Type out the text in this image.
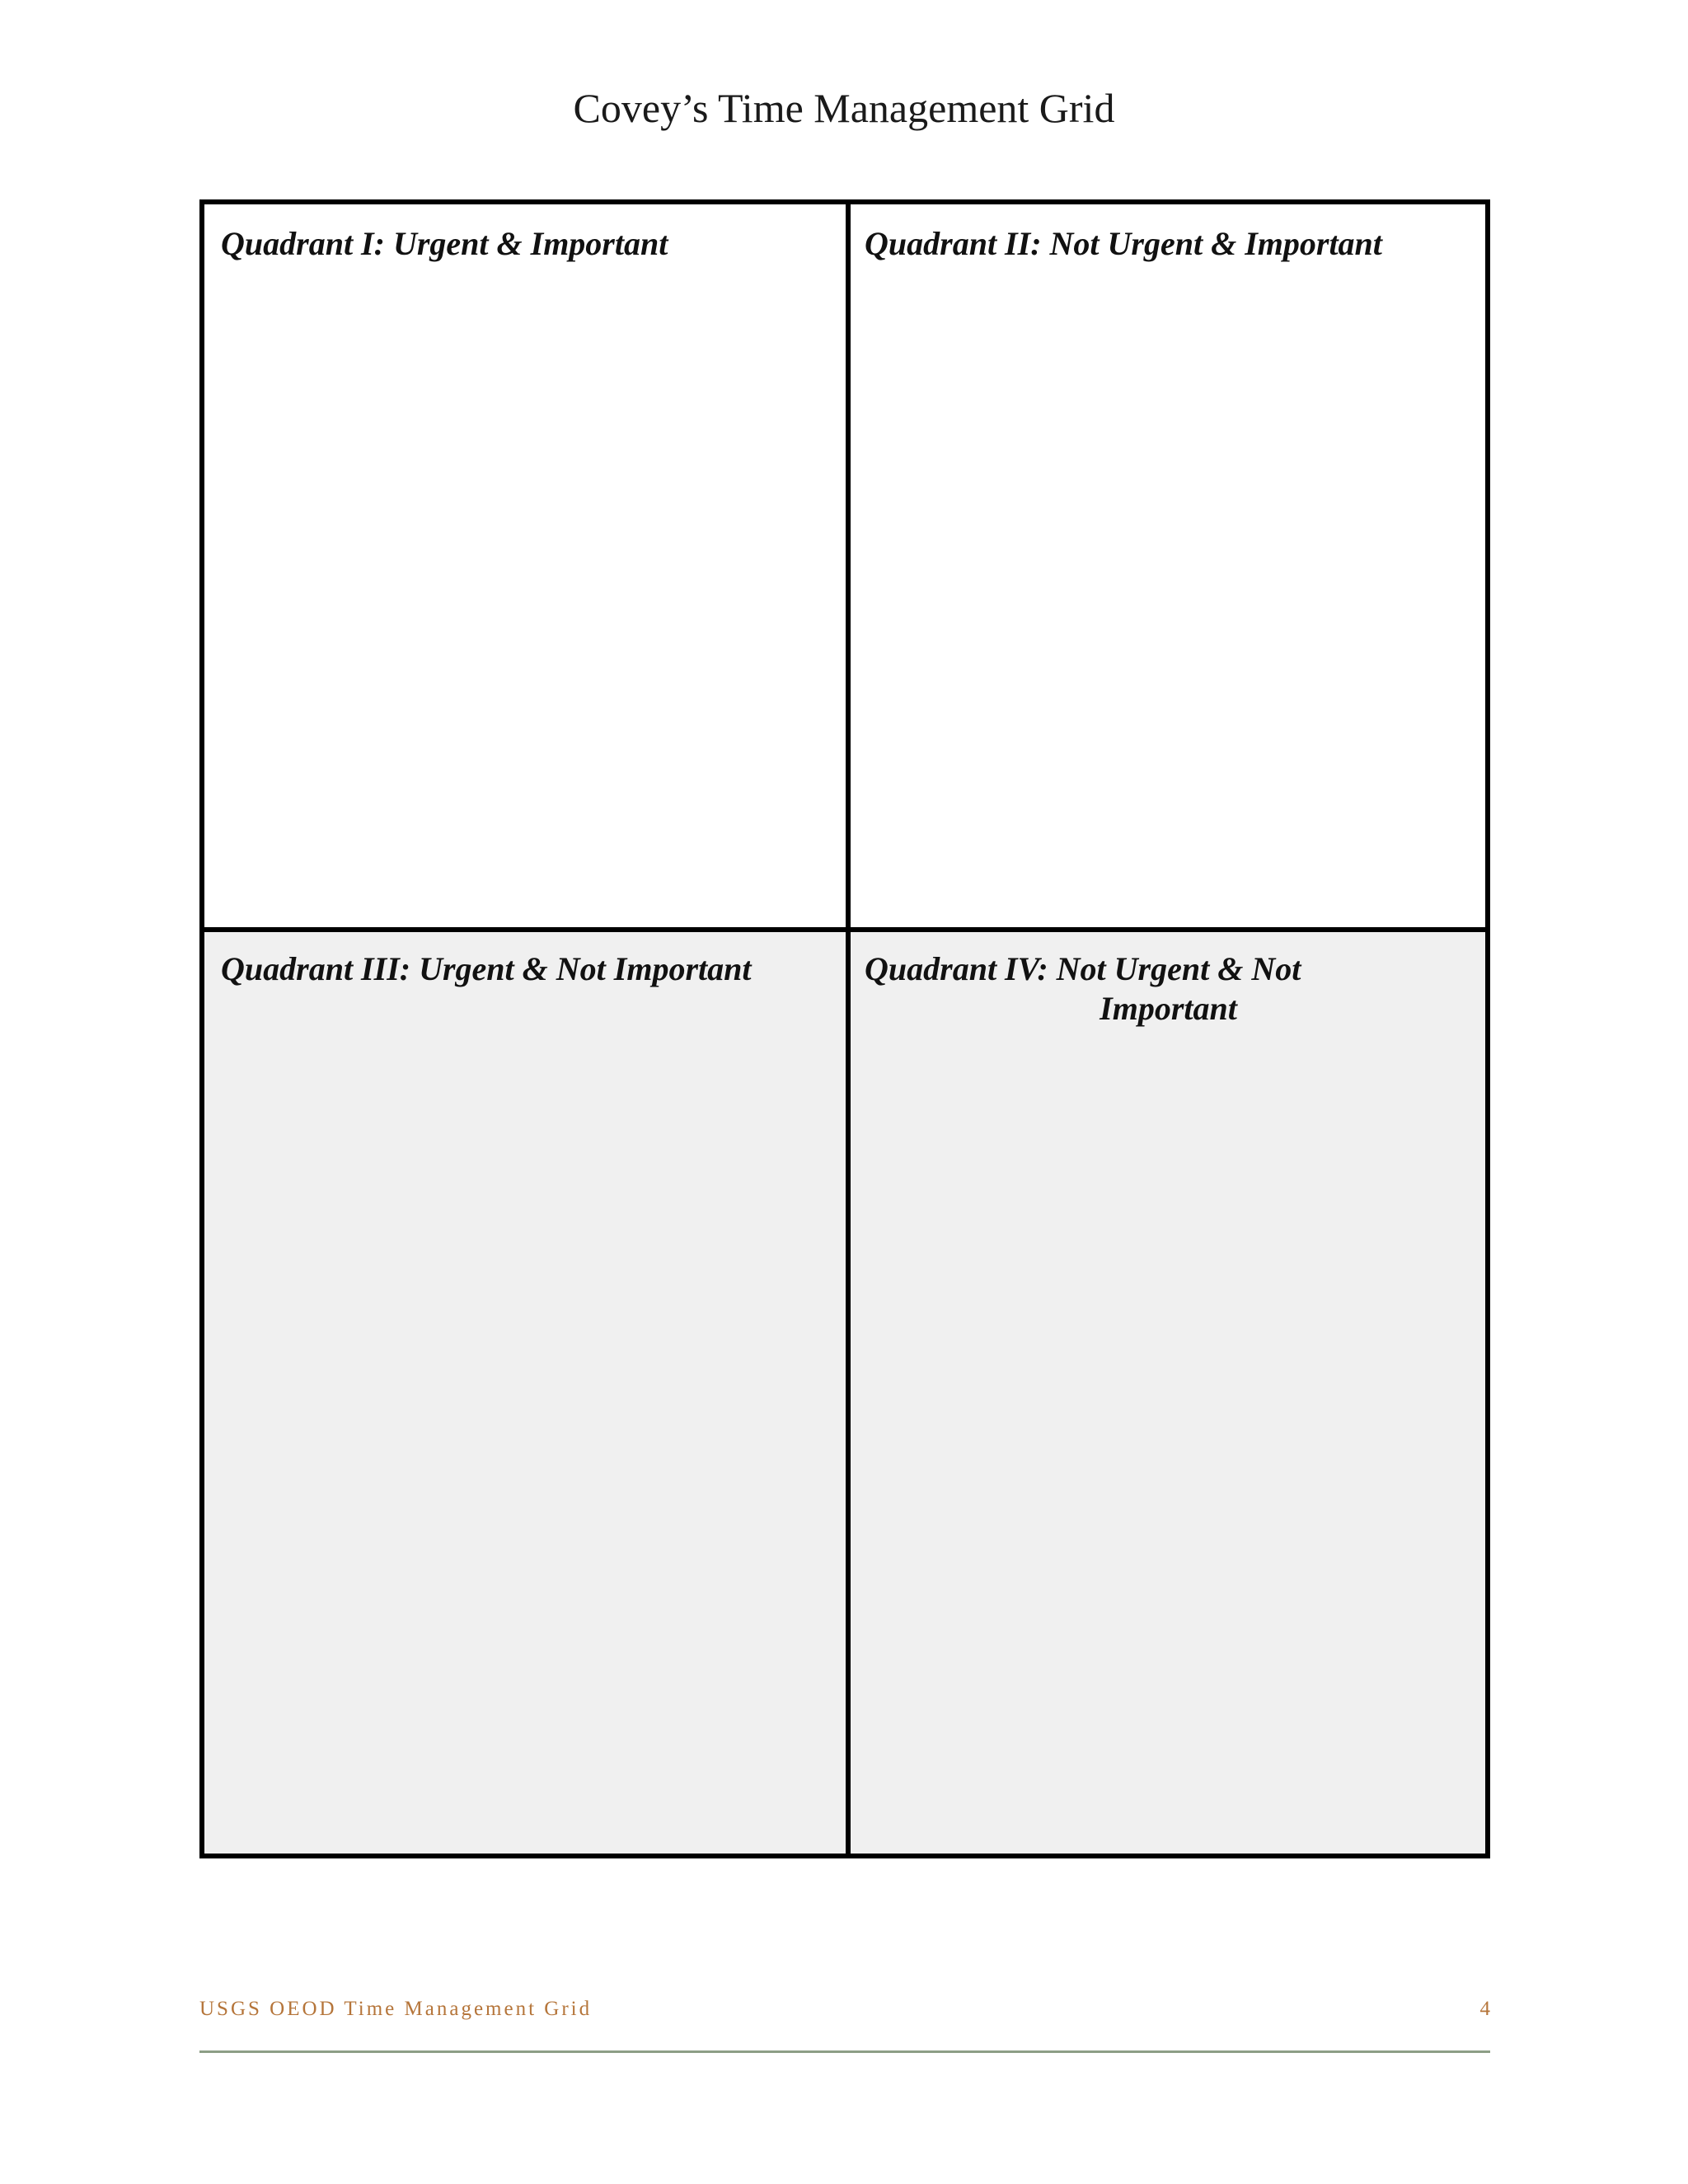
Covey’s Time Management Grid
Quadrant I: Urgent & Important	Quadrant II: Not Urgent & Important
Quadrant III: Urgent & Not Important	Quadrant IV: Not Urgent & Not
Important
USGS OEOD Time Management Grid	4
